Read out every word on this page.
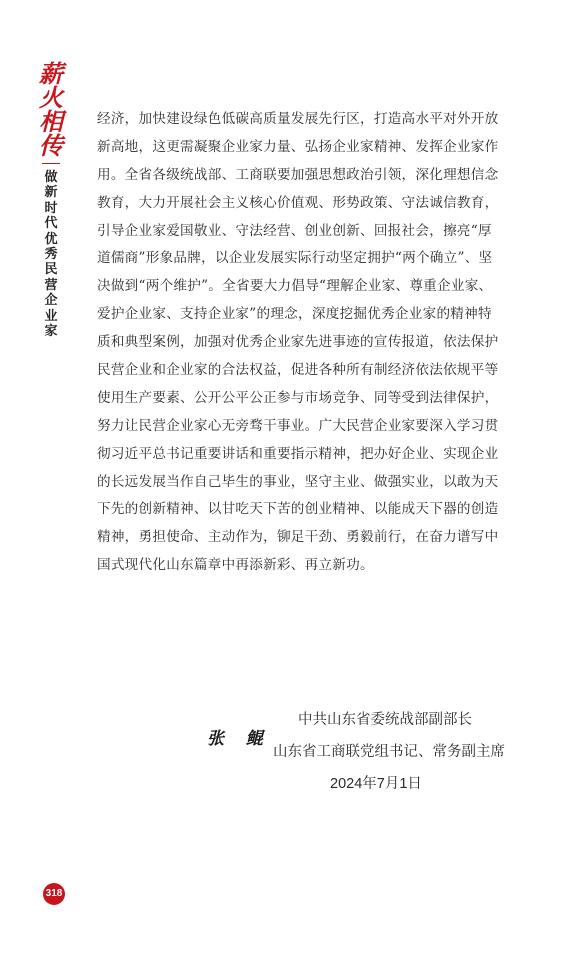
薪
火
相
传
做
新
时
代
优
秀
民
营
企
业
家
经济，加快建设绿色低碳高质量发展先行区，打造高水平对外开放
新高地，这更需凝聚企业家力量、弘扬企业家精神、发挥企业家作
用。全省各级统战部、工商联要加强思想政治引领，深化理想信念
教育，大力开展社会主义核心价值观、形势政策、守法诚信教育，
引导企业家爱国敬业、守法经营、创业创新、回报社会，擦亮“厚
道儒商”形象品牌，以企业发展实际行动坚定拥护“两个确立”、坚
决做到“两个维护”。全省要大力倡导“理解企业家、尊重企业家、
爱护企业家、支持企业家”的理念，深度挖掘优秀企业家的精神特
质和典型案例，加强对优秀企业家先进事迹的宣传报道，依法保护
民营企业和企业家的合法权益，促进各种所有制经济依法依规平等
使用生产要素、公开公平公正参与市场竞争、同等受到法律保护，
努力让民营企业家心无旁骛干事业。广大民营企业家要深入学习贯
彻习近平总书记重要讲话和重要指示精神，把办好企业、实现企业
的长远发展当作自己毕生的事业，坚守主业、做强实业，以敢为天
下先的创新精神、以甘吃天下苦的创业精神、以能成天下器的创造
精神，勇担使命、主动作为，铆足干劲、勇毅前行，在奋力谱写中
国式现代化山东篇章中再添新彩、再立新功。
中共山东省委统战部副部长
张 鲲
山东省工商联党组书记、常务副主席
2024年7月1日
318
